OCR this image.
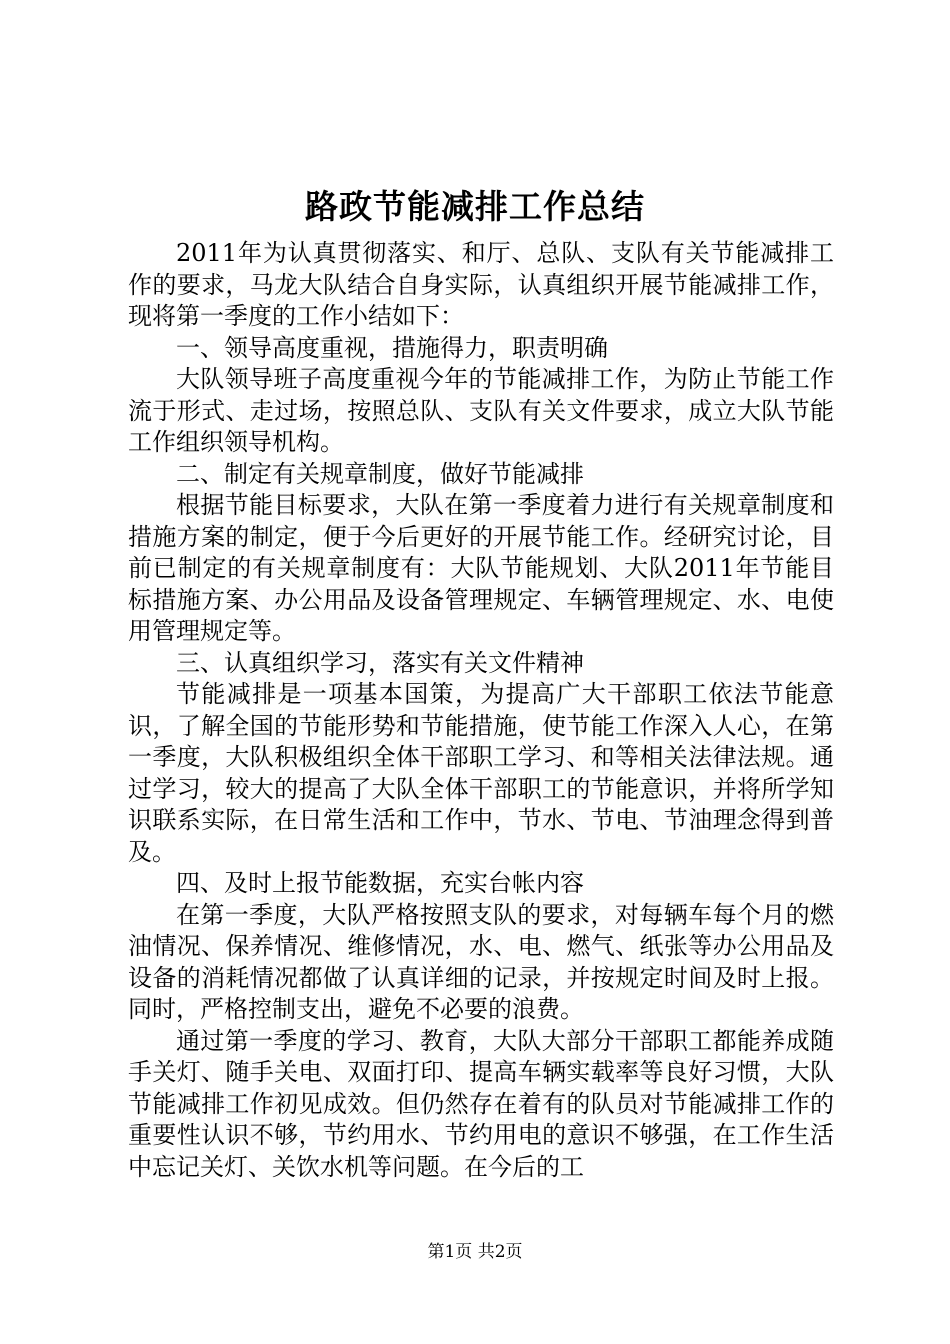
路政节能减排工作总结

2011年为认真贯彻落实、和厅、总队、支队有关节能减排工作的要求，马龙大队结合自身实际，认真组织开展节能减排工作，现将第一季度的工作小结如下：

一、领导高度重视，措施得力，职责明确

大队领导班子高度重视今年的节能减排工作，为防止节能工作流于形式、走过场，按照总队、支队有关文件要求，成立大队节能工作组织领导机构。

二、制定有关规章制度，做好节能减排

根据节能目标要求，大队在第一季度着力进行有关规章制度和措施方案的制定，便于今后更好的开展节能工作。经研究讨论，目前已制定的有关规章制度有：大队节能规划、大队2011年节能目标措施方案、办公用品及设备管理规定、车辆管理规定、水、电使用管理规定等。

三、认真组织学习，落实有关文件精神

节能减排是一项基本国策，为提高广大干部职工依法节能意识，了解全国的节能形势和节能措施，使节能工作深入人心，在第一季度，大队积极组织全体干部职工学习、和等相关法律法规。通过学习，较大的提高了大队全体干部职工的节能意识，并将所学知识联系实际，在日常生活和工作中，节水、节电、节油理念得到普及。

四、及时上报节能数据，充实台帐内容

在第一季度，大队严格按照支队的要求，对每辆车每个月的燃油情况、保养情况、维修情况，水、电、燃气、纸张等办公用品及设备的消耗情况都做了认真详细的记录，并按规定时间及时上报。同时，严格控制支出，避免不必要的浪费。

通过第一季度的学习、教育，大队大部分干部职工都能养成随手关灯、随手关电、双面打印、提高车辆实载率等良好习惯，大队节能减排工作初见成效。但仍然存在着有的队员对节能减排工作的重要性认识不够，节约用水、节约用电的意识不够强，在工作生活中忘记关灯、关饮水机等问题。在今后的工

第1页 共2页
